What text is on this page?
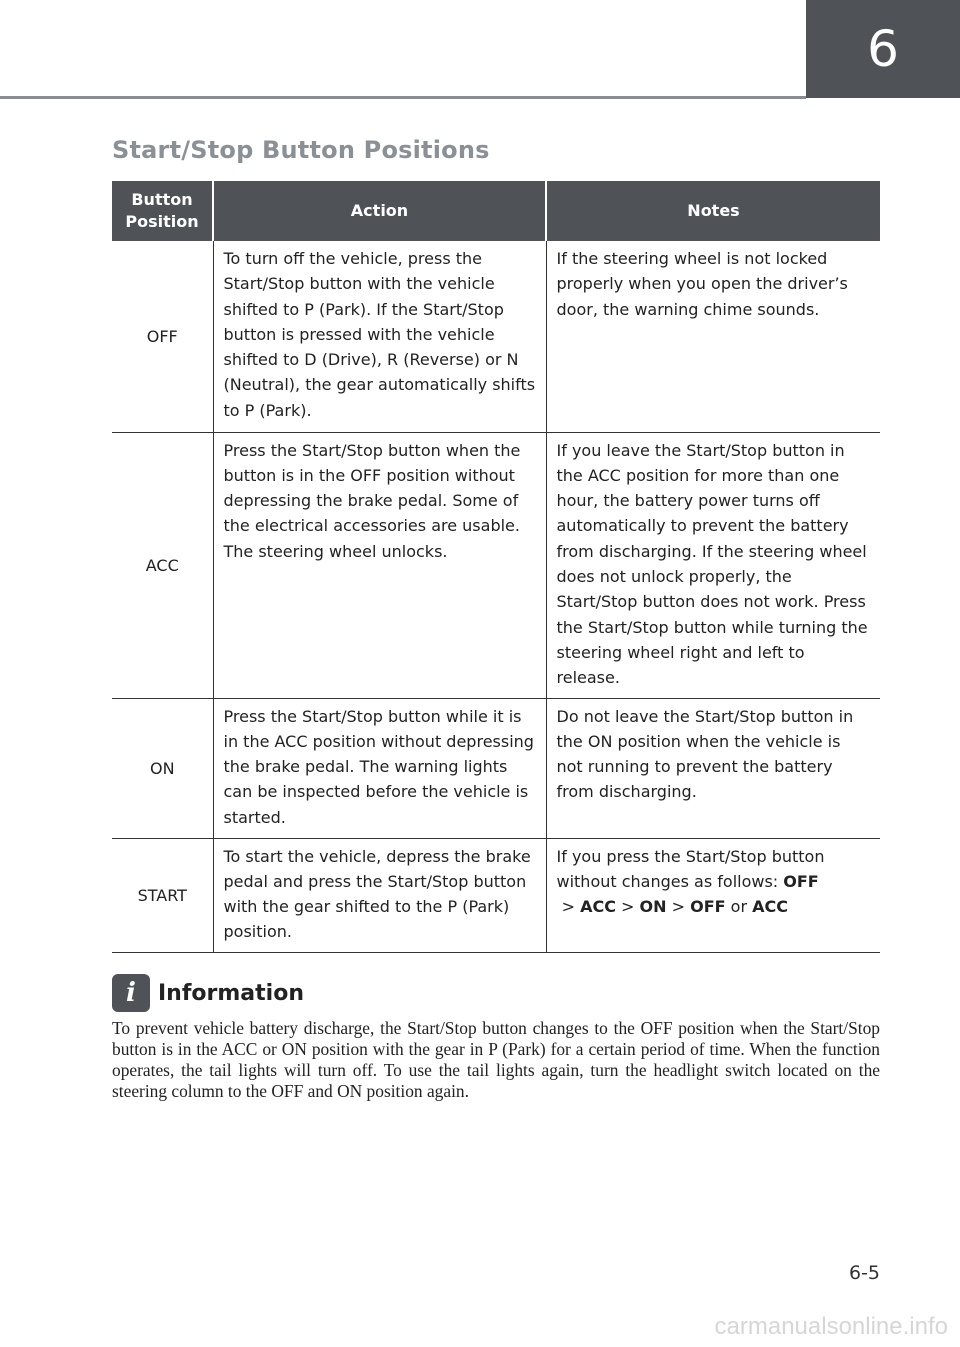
6
Start/Stop Button Positions
Button
Position	Action	Notes
OFF	To turn off the vehicle, press the Start/Stop button with the vehicle shifted to P (Park). If the Start/Stop button is pressed with the vehicle shifted to D (Drive), R (Reverse) or N (Neutral), the gear automatically shifts to P (Park).	If the steering wheel is not locked properly when you open the driver’s door, the warning chime sounds.
ACC	Press the Start/Stop button when the button is in the OFF position without depressing the brake pedal. Some of the electrical accessories are usable. The steering wheel unlocks.	If you leave the Start/Stop button in the ACC position for more than one hour, the battery power turns off automatically to prevent the battery from discharging. If the steering wheel does not unlock properly, the Start/Stop button does not work. Press the Start/Stop button while turning the steering wheel right and left to release.
ON	Press the Start/Stop button while it is in the ACC position without depressing the brake pedal. The warning lights can be inspected before the vehicle is started.	Do not leave the Start/Stop button in the ON position when the vehicle is not running to prevent the battery from discharging.
START	To start the vehicle, depress the brake pedal and press the Start/Stop button with the gear shifted to the P (Park) position.	If you press the Start/Stop button without changes as follows: OFF > ACC > ON > OFF or ACC
i	Information
To prevent vehicle battery discharge, the Start/Stop button changes to the OFF position when the Start/Stop button is in the ACC or ON position with the gear in P (Park) for a certain period of time. When the function operates, the tail lights will turn off. To use the tail lights again, turn the headlight switch located on the steering column to the OFF and ON position again.
6-5
carmanualsonline.info
